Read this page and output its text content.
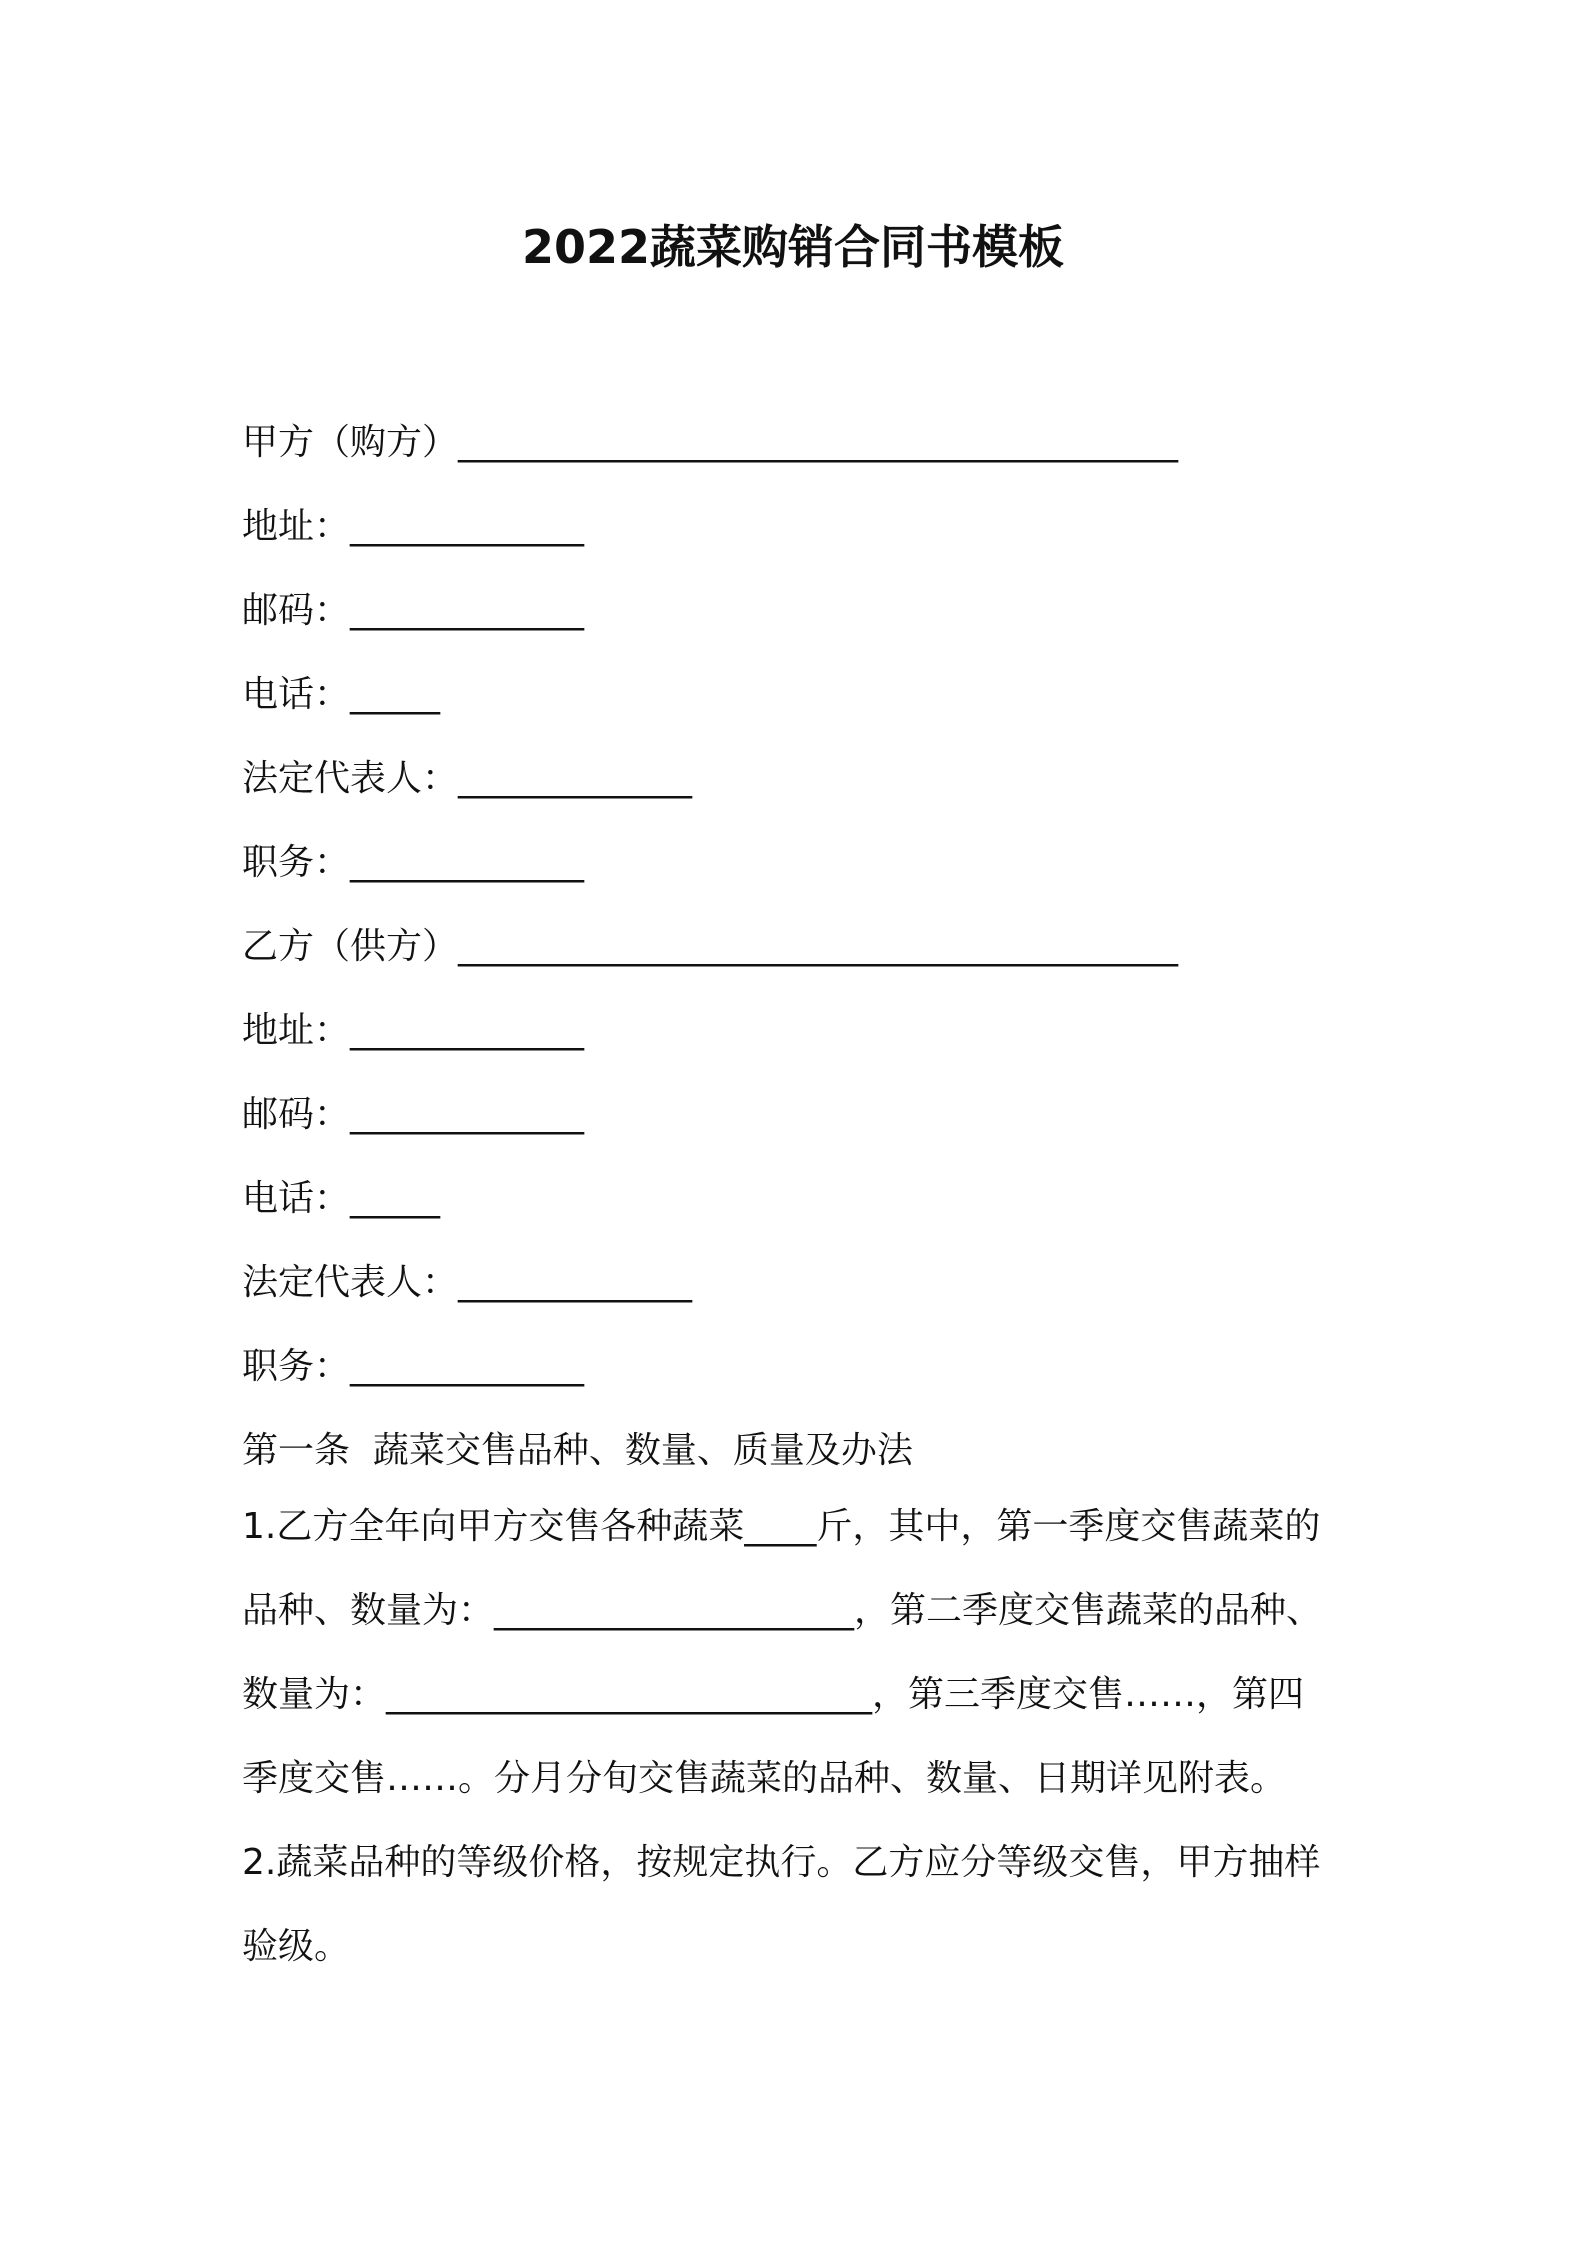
2022蔬菜购销合同书模板
甲方（购方）________________________________________
地址：_____________
邮码：_____________
电话：_____
法定代表人：_____________
职务：_____________
乙方（供方）________________________________________
地址：_____________
邮码：_____________
电话：_____
法定代表人：_____________
职务：_____________
第一条  蔬菜交售品种、数量、质量及办法
1.乙方全年向甲方交售各种蔬菜____斤，其中，第一季度交售蔬菜的
品种、数量为：____________________，第二季度交售蔬菜的品种、
数量为：___________________________，第三季度交售……，第四
季度交售……。分月分旬交售蔬菜的品种、数量、日期详见附表。
2.蔬菜品种的等级价格，按规定执行。乙方应分等级交售，甲方抽样
验级。
